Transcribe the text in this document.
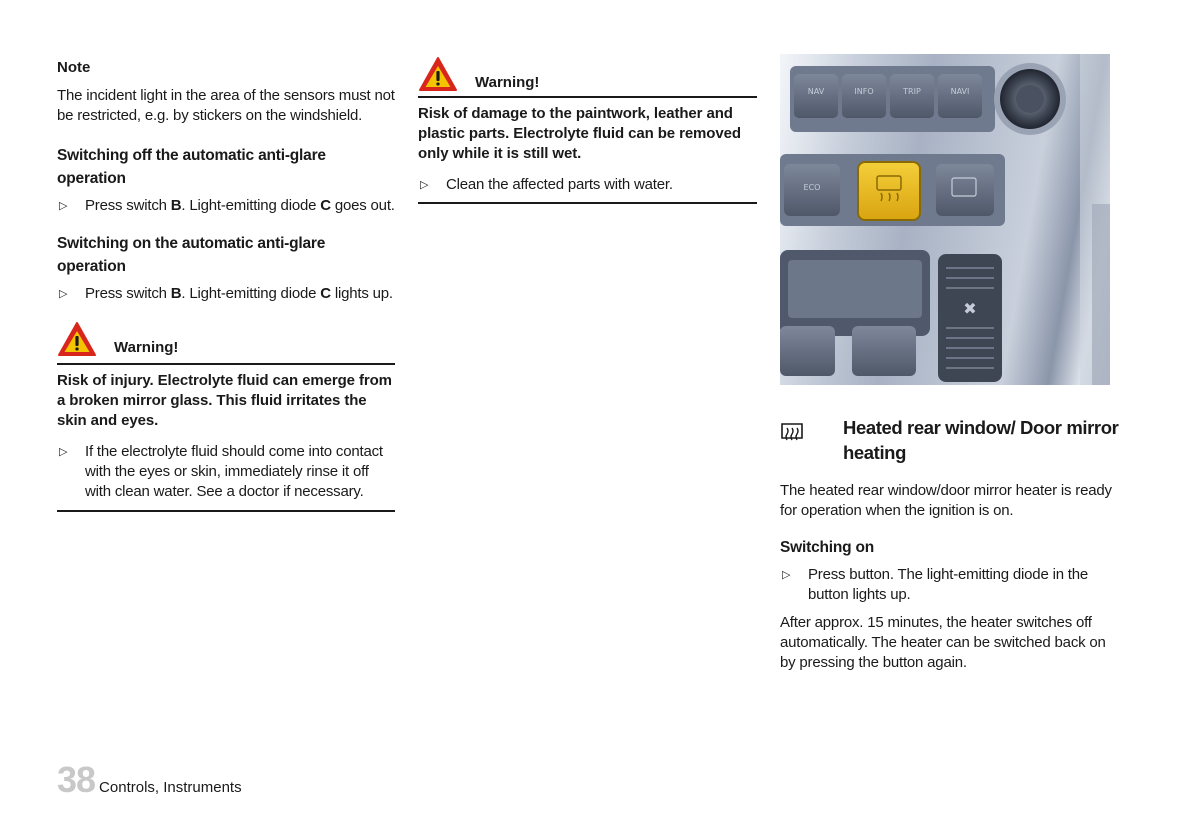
Note

The incident light in the area of the sensors must not be restricted, e.g. by stickers on the windshield.

Switching off the automatic anti-glare operation
▷	Press switch B. Light-emitting diode C goes out.
Switching on the automatic anti-glare operation
▷	Press switch B. Light-emitting diode C lights up.
Warning!
Risk of injury. Electrolyte fluid can emerge from a broken mirror glass. This fluid irritates the skin and eyes.
▷	If the electrolyte fluid should come into contact with the eyes or skin, immediately rinse it off with clean water. See a doctor if necessary.
Warning!
Risk of damage to the paintwork, leather and plastic parts. Electrolyte fluid can be removed only while it is still wet.
▷	Clean the affected parts with water.
NAV	INFO	TRIP	NAVI
ECO
✖
Heated rear window/ Door mirror heating

The heated rear window/door mirror heater is ready for operation when the ignition is on.

Switching on
▷	Press button. The light-emitting diode in the button lights up.

After approx. 15 minutes, the heater switches off automatically. The heater can be switched back on by pressing the button again.

38 Controls, Instruments
